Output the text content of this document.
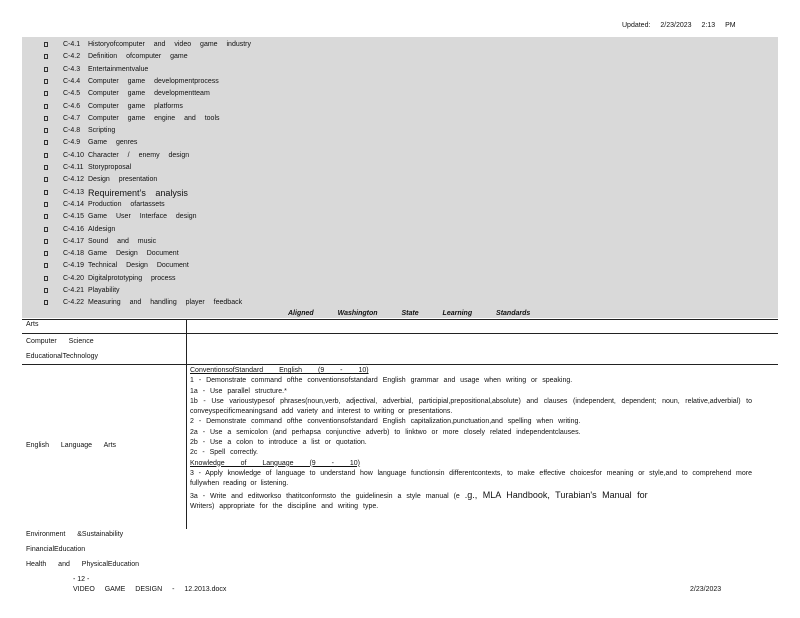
Updated: 2/23/2023 2:13 PM
C-4.1 Historyofcomputer and video game industry
C-4.2 Definition ofcomputer game
C-4.3 Entertainmentvalue
C-4.4 Computer game developmentprocess
C-4.5 Computer game developmentteam
C-4.6 Computer game platforms
C-4.7 Computer game engine and tools
C-4.8 Scripting
C-4.9 Game genres
C-4.10 Character / enemy design
C-4.11 Storyproposal
C-4.12 Design presentation
C-4.13 Requirement’s analysis
C-4.14 Production ofartassets
C-4.15 Game User Interface design
C-4.16 AIdesign
C-4.17 Sound and music
C-4.18 Game Design Document
C-4.19 Technical Design Document
C-4.20 Digitalprototyping process
C-4.21 Playability
C-4.22 Measuring and handling player feedback
Aligned Washington State Learning Standards
Arts
Computer Science
EducationalTechnology
English Language Arts
Environment &Sustainability
FinancialEducation
Health and PhysicalEducation
ConventionsofStandard English (9 - 10)
1 - Demonstrate command ofthe conventionsofstandard English grammar and usage when writing or speaking.
1a - Use parallel structure.*
1b - Use varioustypesof phrases(noun,verb, adjectival, adverbial, participial,prepositional,absolute) and clauses (independent, dependent; noun, relative,adverbial) to conveyspecificmeaningsand add variety and interest to writing or presentations.
2 - Demonstrate command ofthe conventionsofstandard English capitalization,punctuation,and spelling when writing.
2a - Use a semicolon (and perhapsa conjunctive adverb) to linktwo or more closely related independentclauses.
2b - Use a colon to introduce a list or quotation.
2c - Spell correctly.
Knowledge of Language (9 - 10)
3 - Apply knowledge of language to understand how language functionsin differentcontexts, to make effective choicesfor meaning or style,and to comprehend more fullywhen reading or listening.
3a - Write and editworkso thatitconformsto the guidelinesin a style manual (e .g., MLA Handbook, Turabian's Manual for
Writers) appropriate for the discipline and writing type.
- 12 -
VIDEO GAME DESIGN - 12.2013.docx	2/23/2023
